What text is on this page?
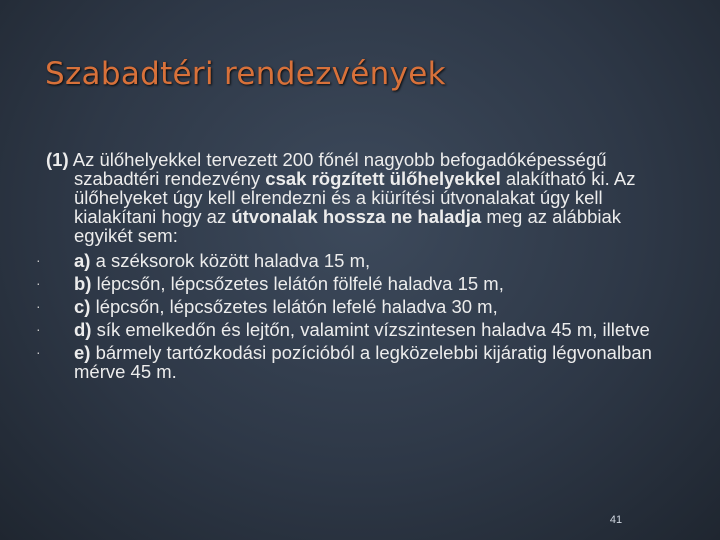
Szabadtéri rendezvények

(1) Az ülőhelyekkel tervezett 200 főnél nagyobb befogadóképességű szabadtéri rendezvény csak rögzített ülőhelyekkel alakítható ki. Az ülőhelyeket úgy kell elrendezni és a kiürítési útvonalakat úgy kell kialakítani hogy az útvonalak hossza ne haladja meg az alábbiak egyikét sem:

· a) a széksorok között haladva 15 m,
· b) lépcsőn, lépcsőzetes lelátón fölfelé haladva 15 m,
· c) lépcsőn, lépcsőzetes lelátón lefelé haladva 30 m,
· d) sík emelkedőn és lejtőn, valamint vízszintesen haladva 45 m, illetve
· e) bármely tartózkodási pozícióból a legközelebbi kijáratig légvonalban mérve 45 m.
41
